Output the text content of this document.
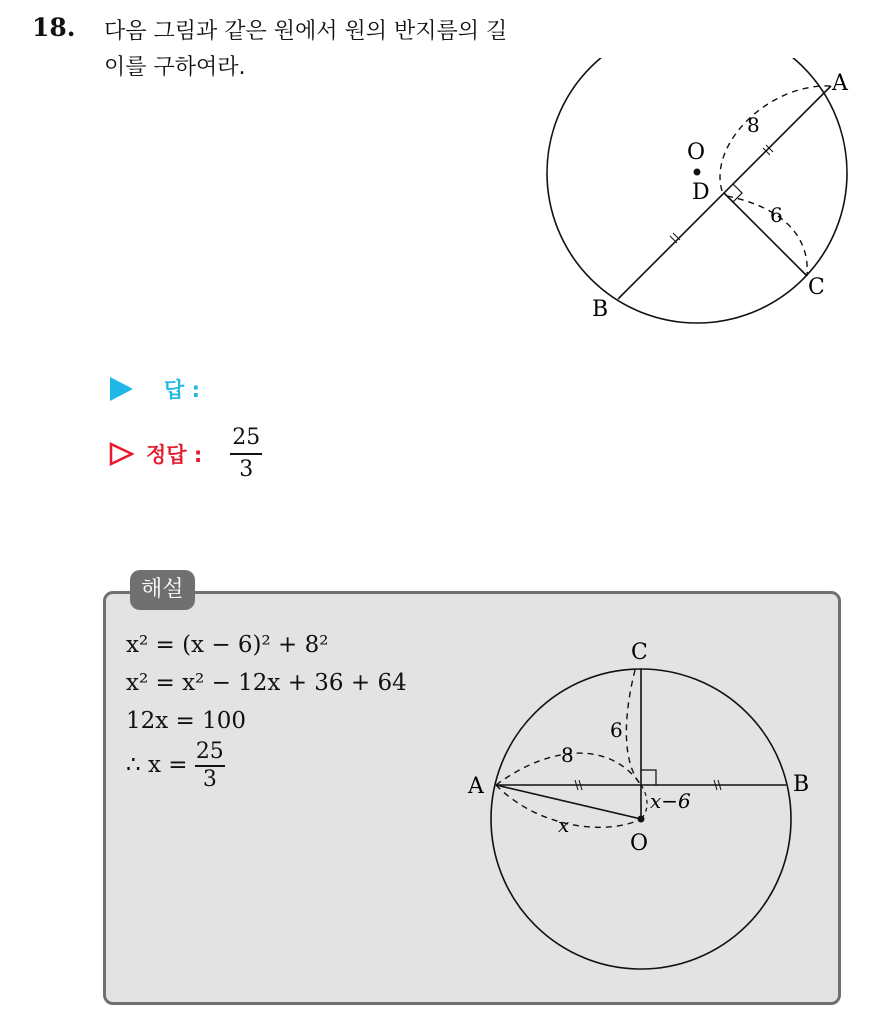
18. 다음 그림과 같은 원에서 원의 반지름의 길이를 구하여라.
O
D
A
B
C
8
6
답 :
정답 : $\frac{25}{3}$
해설
x² = (x − 6)² + 8²
x² = x² − 12x + 36 + 64
12x = 100
∴ $x = \frac{25}{3}$
C
A	B
O
8
6
x
x−6
